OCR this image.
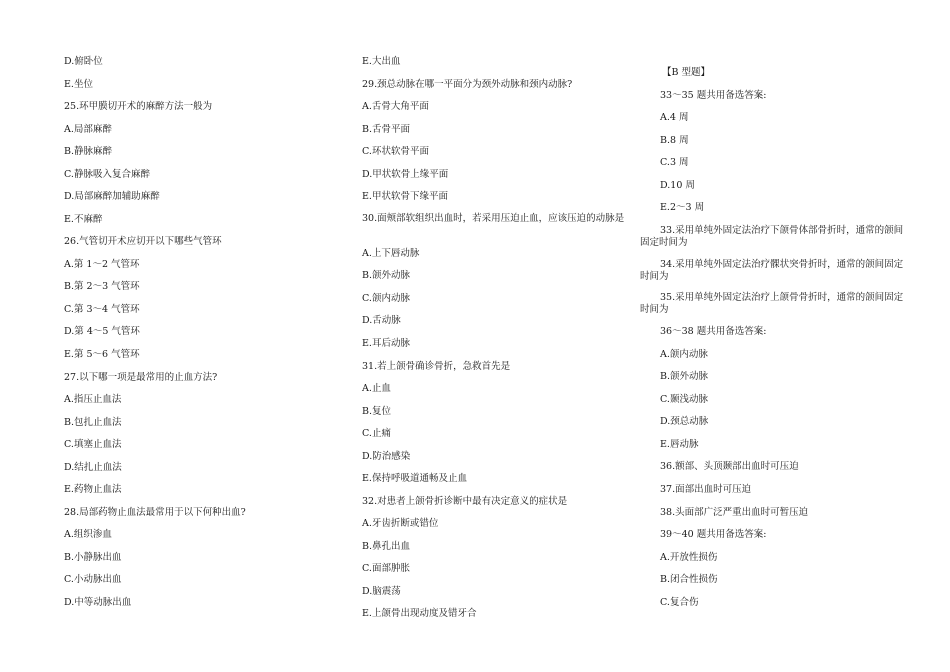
D.俯卧位
E.坐位
25.环甲膜切开术的麻醉方法一般为
A.局部麻醉
B.静脉麻醉
C.静脉吸入复合麻醉
D.局部麻醉加辅助麻醉
E.不麻醉
26.气管切开术应切开以下哪些气管环
A.第 1～2 气管环
B.第 2～3 气管环
C.第 3～4 气管环
D.第 4～5 气管环
E.第 5～6 气管环
27.以下哪一项是最常用的止血方法?
A.指压止血法
B.包扎止血法
C.填塞止血法
D.结扎止血法
E.药物止血法
28.局部药物止血法最常用于以下何种出血?
A.组织渗血
B.小静脉出血
C.小动脉出血
D.中等动脉出血
E.大出血
29.颈总动脉在哪一平面分为颈外动脉和颈内动脉?
A.舌骨大角平面
B.舌骨平面
C.环状软骨平面
D.甲状软骨上缘平面
E.甲状软骨下缘平面
30.面颊部软组织出血时，若采用压迫止血，应该压迫的动脉是
A.上下唇动脉
B.颌外动脉
C.颌内动脉
D.舌动脉
E.耳后动脉
31.若上颌骨确诊骨折，急救首先是
A.止血
B.复位
C.止痛
D.防治感染
E.保持呼吸道通畅及止血
32.对患者上颌骨折诊断中最有决定意义的症状是
A.牙齿折断或错位
B.鼻孔出血
C.面部肿胀
D.脑震荡
E.上颌骨出现动度及错牙合
【B 型题】
33～35 题共用备选答案:
A.4 周
B.8 周
C.3 周
D.10 周
E.2～3 周
33.采用单纯外固定法治疗下颌骨体部骨折时，通常的颌间固定时间为
34.采用单纯外固定法治疗髁状突骨折时，通常的颌间固定时间为
35.采用单纯外固定法治疗上颌骨骨折时，通常的颌间固定时间为
36～38 题共用备选答案:
A.颌内动脉
B.颌外动脉
C.颞浅动脉
D.颈总动脉
E.唇动脉
36.额部、头顶颞部出血时可压迫
37.面部出血时可压迫
38.头面部广泛严重出血时可暂压迫
39～40 题共用备选答案:
A.开放性损伤
B.闭合性损伤
C.复合伤
